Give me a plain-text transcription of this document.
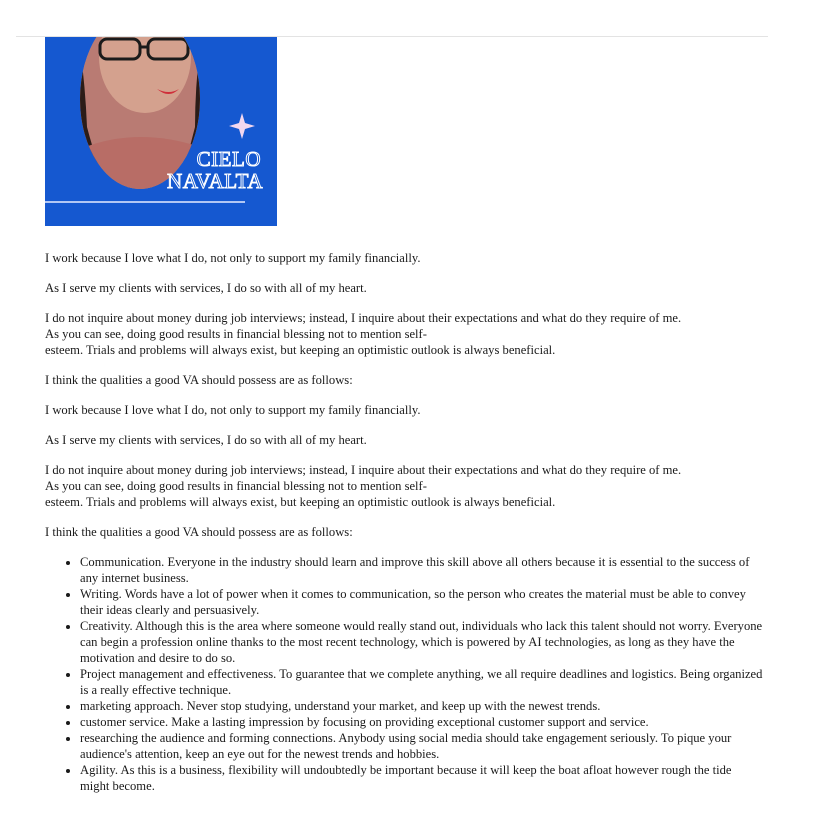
CIELO
NAVALTA

I work because I love what I do, not only to support my family financially.

As I serve my clients with services, I do so with all of my heart.

I do not inquire about money during job interviews; instead, I inquire about their expectations and what do they require of me.
As you can see, doing good results in financial blessing not to mention self-
esteem. Trials and problems will always exist, but keeping an optimistic outlook is always beneficial.

I think the qualities a good VA should possess are as follows:

I work because I love what I do, not only to support my family financially.

As I serve my clients with services, I do so with all of my heart.

I do not inquire about money during job interviews; instead, I inquire about their expectations and what do they require of me.
As you can see, doing good results in financial blessing not to mention self-
esteem. Trials and problems will always exist, but keeping an optimistic outlook is always beneficial.

I think the qualities a good VA should possess are as follows:

• Communication. Everyone in the industry should learn and improve this skill above all others because it is essential to the success of any internet business.
• Writing. Words have a lot of power when it comes to communication, so the person who creates the material must be able to convey their ideas clearly and persuasively.
• Creativity. Although this is the area where someone would really stand out, individuals who lack this talent should not worry. Everyone can begin a profession online thanks to the most recent technology, which is powered by AI technologies, as long as they have the motivation and desire to do so.
• Project management and effectiveness. To guarantee that we complete anything, we all require deadlines and logistics. Being organized is a really effective technique.
• marketing approach. Never stop studying, understand your market, and keep up with the newest trends.
• customer service. Make a lasting impression by focusing on providing exceptional customer support and service.
• researching the audience and forming connections. Anybody using social media should take engagement seriously. To pique your audience's attention, keep an eye out for the newest trends and hobbies.
• Agility. As this is a business, flexibility will undoubtedly be important because it will keep the boat afloat however rough the tide might become.
